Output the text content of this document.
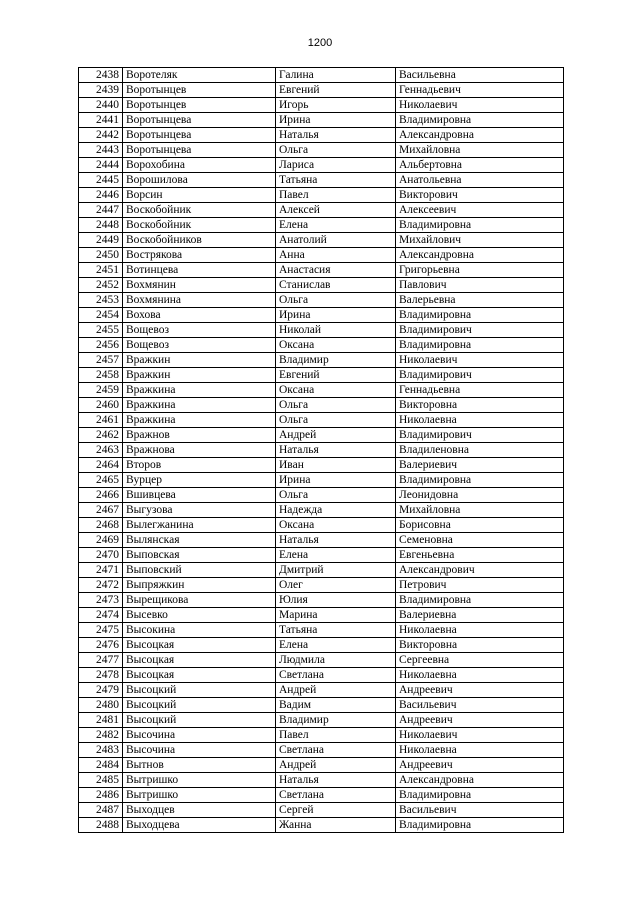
1200
2438	Воротеляк	Галина	Васильевна
2439	Воротынцев	Евгений	Геннадьевич
2440	Воротынцев	Игорь	Николаевич
2441	Воротынцева	Ирина	Владимировна
2442	Воротынцева	Наталья	Александровна
2443	Воротынцева	Ольга	Михайловна
2444	Ворохобина	Лариса	Альбертовна
2445	Ворошилова	Татьяна	Анатольевна
2446	Ворсин	Павел	Викторович
2447	Воскобойник	Алексей	Алексеевич
2448	Воскобойник	Елена	Владимировна
2449	Воскобойников	Анатолий	Михайлович
2450	Вострякова	Анна	Александровна
2451	Вотинцева	Анастасия	Григорьевна
2452	Вохмянин	Станислав	Павлович
2453	Вохмянина	Ольга	Валерьевна
2454	Вохова	Ирина	Владимировна
2455	Вощевоз	Николай	Владимирович
2456	Вощевоз	Оксана	Владимировна
2457	Вражкин	Владимир	Николаевич
2458	Вражкин	Евгений	Владимирович
2459	Вражкина	Оксана	Геннадьевна
2460	Вражкина	Ольга	Викторовна
2461	Вражкина	Ольга	Николаевна
2462	Вражнов	Андрей	Владимирович
2463	Вражнова	Наталья	Владиленовна
2464	Второв	Иван	Валериевич
2465	Вурцер	Ирина	Владимировна
2466	Вшивцева	Ольга	Леонидовна
2467	Выгузова	Надежда	Михайловна
2468	Вылегжанина	Оксана	Борисовна
2469	Вылянская	Наталья	Семеновна
2470	Выповская	Елена	Евгеньевна
2471	Выповский	Дмитрий	Александрович
2472	Выпряжкин	Олег	Петрович
2473	Вырещикова	Юлия	Владимировна
2474	Высевко	Марина	Валериевна
2475	Высокина	Татьяна	Николаевна
2476	Высоцкая	Елена	Викторовна
2477	Высоцкая	Людмила	Сергеевна
2478	Высоцкая	Светлана	Николаевна
2479	Высоцкий	Андрей	Андреевич
2480	Высоцкий	Вадим	Васильевич
2481	Высоцкий	Владимир	Андреевич
2482	Высочина	Павел	Николаевич
2483	Высочина	Светлана	Николаевна
2484	Вытнов	Андрей	Андреевич
2485	Вытришко	Наталья	Александровна
2486	Вытришко	Светлана	Владимировна
2487	Выходцев	Сергей	Васильевич
2488	Выходцева	Жанна	Владимировна
